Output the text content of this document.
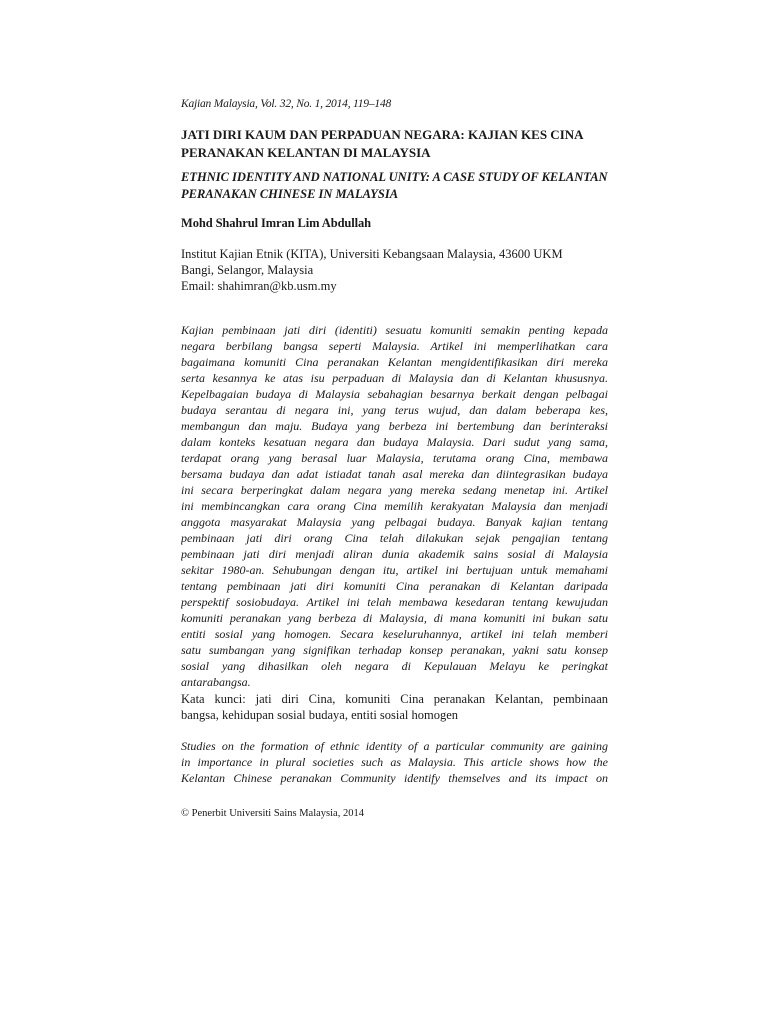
Kajian Malaysia, Vol. 32, No. 1, 2014, 119–148
JATI DIRI KAUM DAN PERPADUAN NEGARA: KAJIAN KES CINA PERANAKAN KELANTAN DI MALAYSIA
ETHNIC IDENTITY AND NATIONAL UNITY: A CASE STUDY OF KELANTAN PERANAKAN CHINESE IN MALAYSIA
Mohd Shahrul Imran Lim Abdullah
Institut Kajian Etnik (KITA), Universiti Kebangsaan Malaysia, 43600 UKM
Bangi, Selangor, Malaysia
Email: shahimran@kb.usm.my
Kajian pembinaan jati diri (identiti) sesuatu komuniti semakin penting kepada
negara berbilang bangsa seperti Malaysia. Artikel ini memperlihatkan cara
bagaimana komuniti Cina peranakan Kelantan mengidentifikasikan diri mereka
serta kesannya ke atas isu perpaduan di Malaysia dan di Kelantan khususnya.
Kepelbagaian budaya di Malaysia sebahagian besarnya berkait dengan pelbagai
budaya serantau di negara ini, yang terus wujud, dan dalam beberapa kes,
membangun dan maju. Budaya yang berbeza ini bertembung dan berinteraksi
dalam konteks kesatuan negara dan budaya Malaysia. Dari sudut yang sama,
terdapat orang yang berasal luar Malaysia, terutama orang Cina, membawa
bersama budaya dan adat istiadat tanah asal mereka dan diintegrasikan budaya
ini secara berperingkat dalam negara yang mereka sedang menetap ini. Artikel
ini membincangkan cara orang Cina memilih kerakyatan Malaysia dan menjadi
anggota masyarakat Malaysia yang pelbagai budaya. Banyak kajian tentang
pembinaan jati diri orang Cina telah dilakukan sejak pengajian tentang
pembinaan jati diri menjadi aliran dunia akademik sains sosial di Malaysia
sekitar 1980-an. Sehubungan dengan itu, artikel ini bertujuan untuk memahami
tentang pembinaan jati diri komuniti Cina peranakan di Kelantan daripada
perspektif sosiobudaya. Artikel ini telah membawa kesedaran tentang kewujudan
komuniti peranakan yang berbeza di Malaysia, di mana komuniti ini bukan satu
entiti sosial yang homogen. Secara keseluruhannya, artikel ini telah memberi
satu sumbangan yang signifikan terhadap konsep peranakan, yakni satu konsep
sosial yang dihasilkan oleh negara di Kepulauan Melayu ke peringkat
antarabangsa.
Kata kunci: jati diri Cina, komuniti Cina peranakan Kelantan, pembinaan
bangsa, kehidupan sosial budaya, entiti sosial homogen
Studies on the formation of ethnic identity of a particular community are gaining
in importance in plural societies such as Malaysia. This article shows how the
Kelantan Chinese peranakan Community identify themselves and its impact on
© Penerbit Universiti Sains Malaysia, 2014
